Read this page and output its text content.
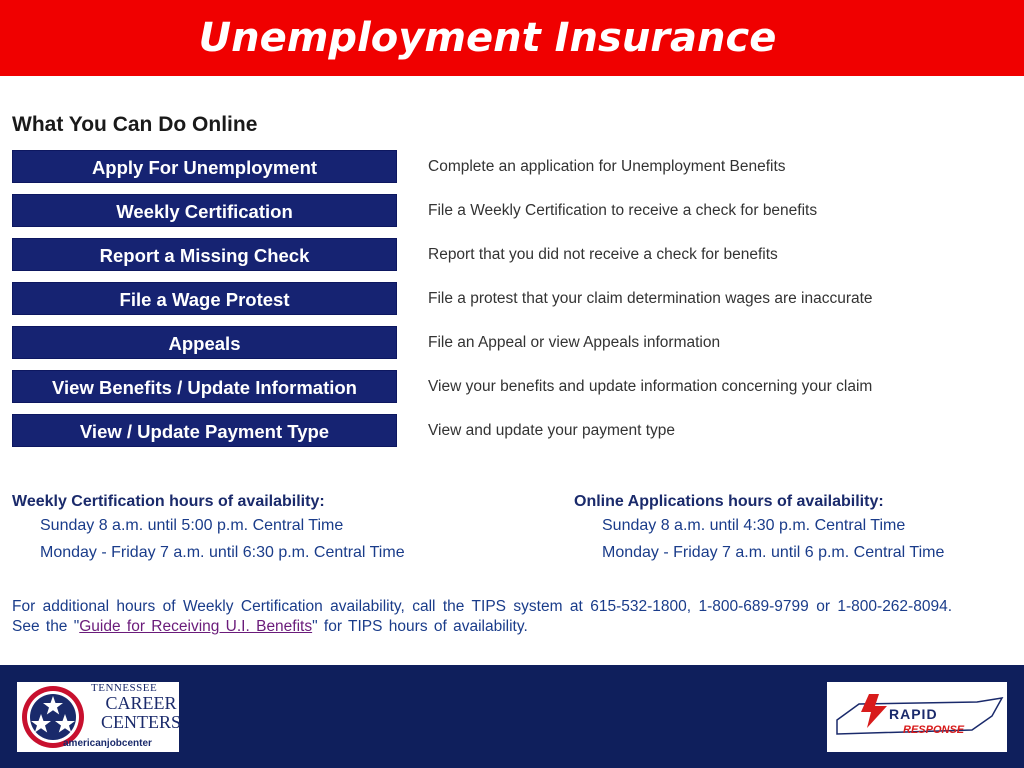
Unemployment Insurance
What You Can Do Online
Apply For Unemployment	Complete an application for Unemployment Benefits
Weekly Certification	File a Weekly Certification to receive a check for benefits
Report a Missing Check	Report that you did not receive a check for benefits
File a Wage Protest	File a protest that your claim determination wages are inaccurate
Appeals	File an Appeal or view Appeals information
View Benefits / Update Information	View your benefits and update information concerning your claim
View / Update Payment Type	View and update your payment type
Weekly Certification hours of availability:
Sunday 8 a.m. until 5:00 p.m. Central Time
Monday - Friday 7 a.m. until 6:30 p.m. Central Time
Online Applications hours of availability:
Sunday 8 a.m. until 4:30 p.m. Central Time
Monday - Friday 7 a.m. until 6 p.m. Central Time
For additional hours of Weekly Certification availability, call the TIPS system at 615-532-1800, 1-800-689-9799 or 1-800-262-8094. See the "Guide for Receiving U.I. Benefits" for TIPS hours of availability.
TENNESSEE
CAREER
CENTERS
americanjobcenter
RAPID
RESPONSE
